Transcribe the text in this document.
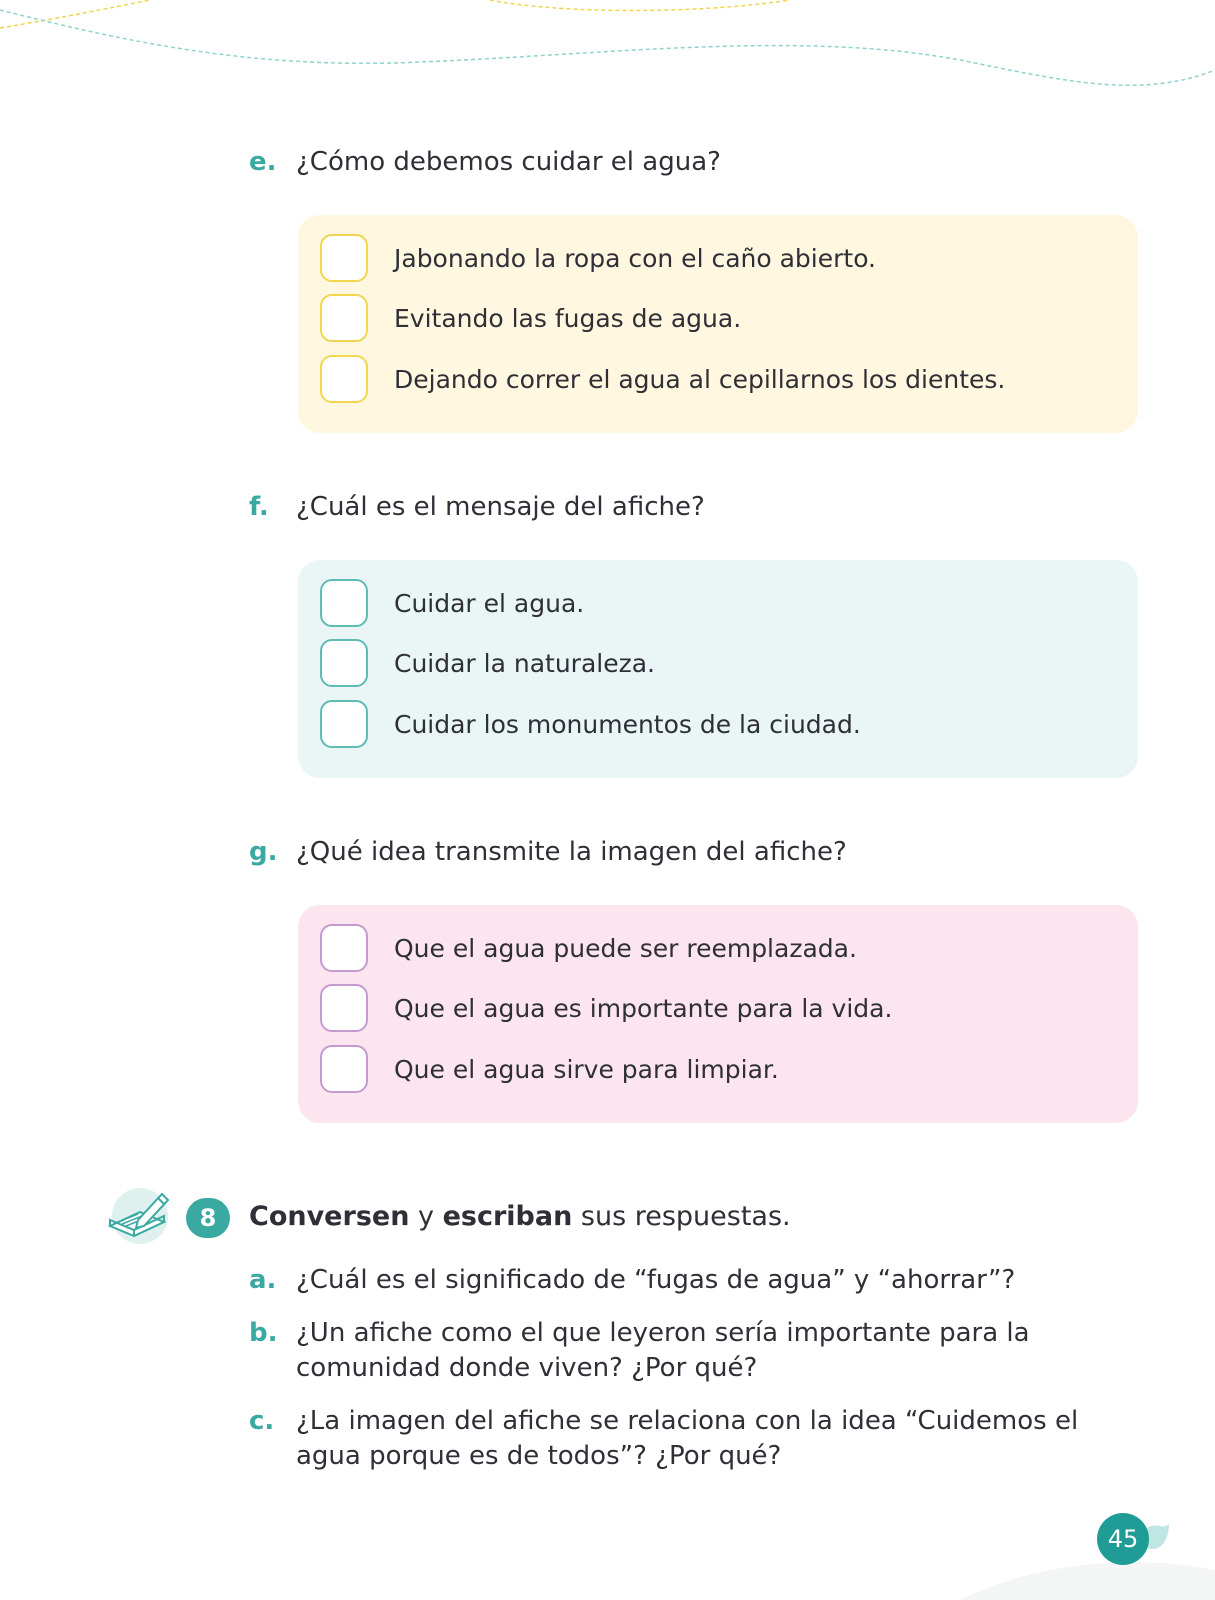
e. ¿Cómo debemos cuidar el agua?
Jabonando la ropa con el caño abierto.
Evitando las fugas de agua.
Dejando correr el agua al cepillarnos los dientes.
f. ¿Cuál es el mensaje del afiche?
Cuidar el agua.
Cuidar la naturaleza.
Cuidar los monumentos de la ciudad.
g. ¿Qué idea transmite la imagen del afiche?
Que el agua puede ser reemplazada.
Que el agua es importante para la vida.
Que el agua sirve para limpiar.
8	Conversen y escriban sus respuestas.
a. ¿Cuál es el significado de “fugas de agua” y “ahorrar”?
b. ¿Un afiche como el que leyeron sería importante para la comunidad donde viven? ¿Por qué?
c. ¿La imagen del afiche se relaciona con la idea “Cuidemos el agua porque es de todos”? ¿Por qué?
45
